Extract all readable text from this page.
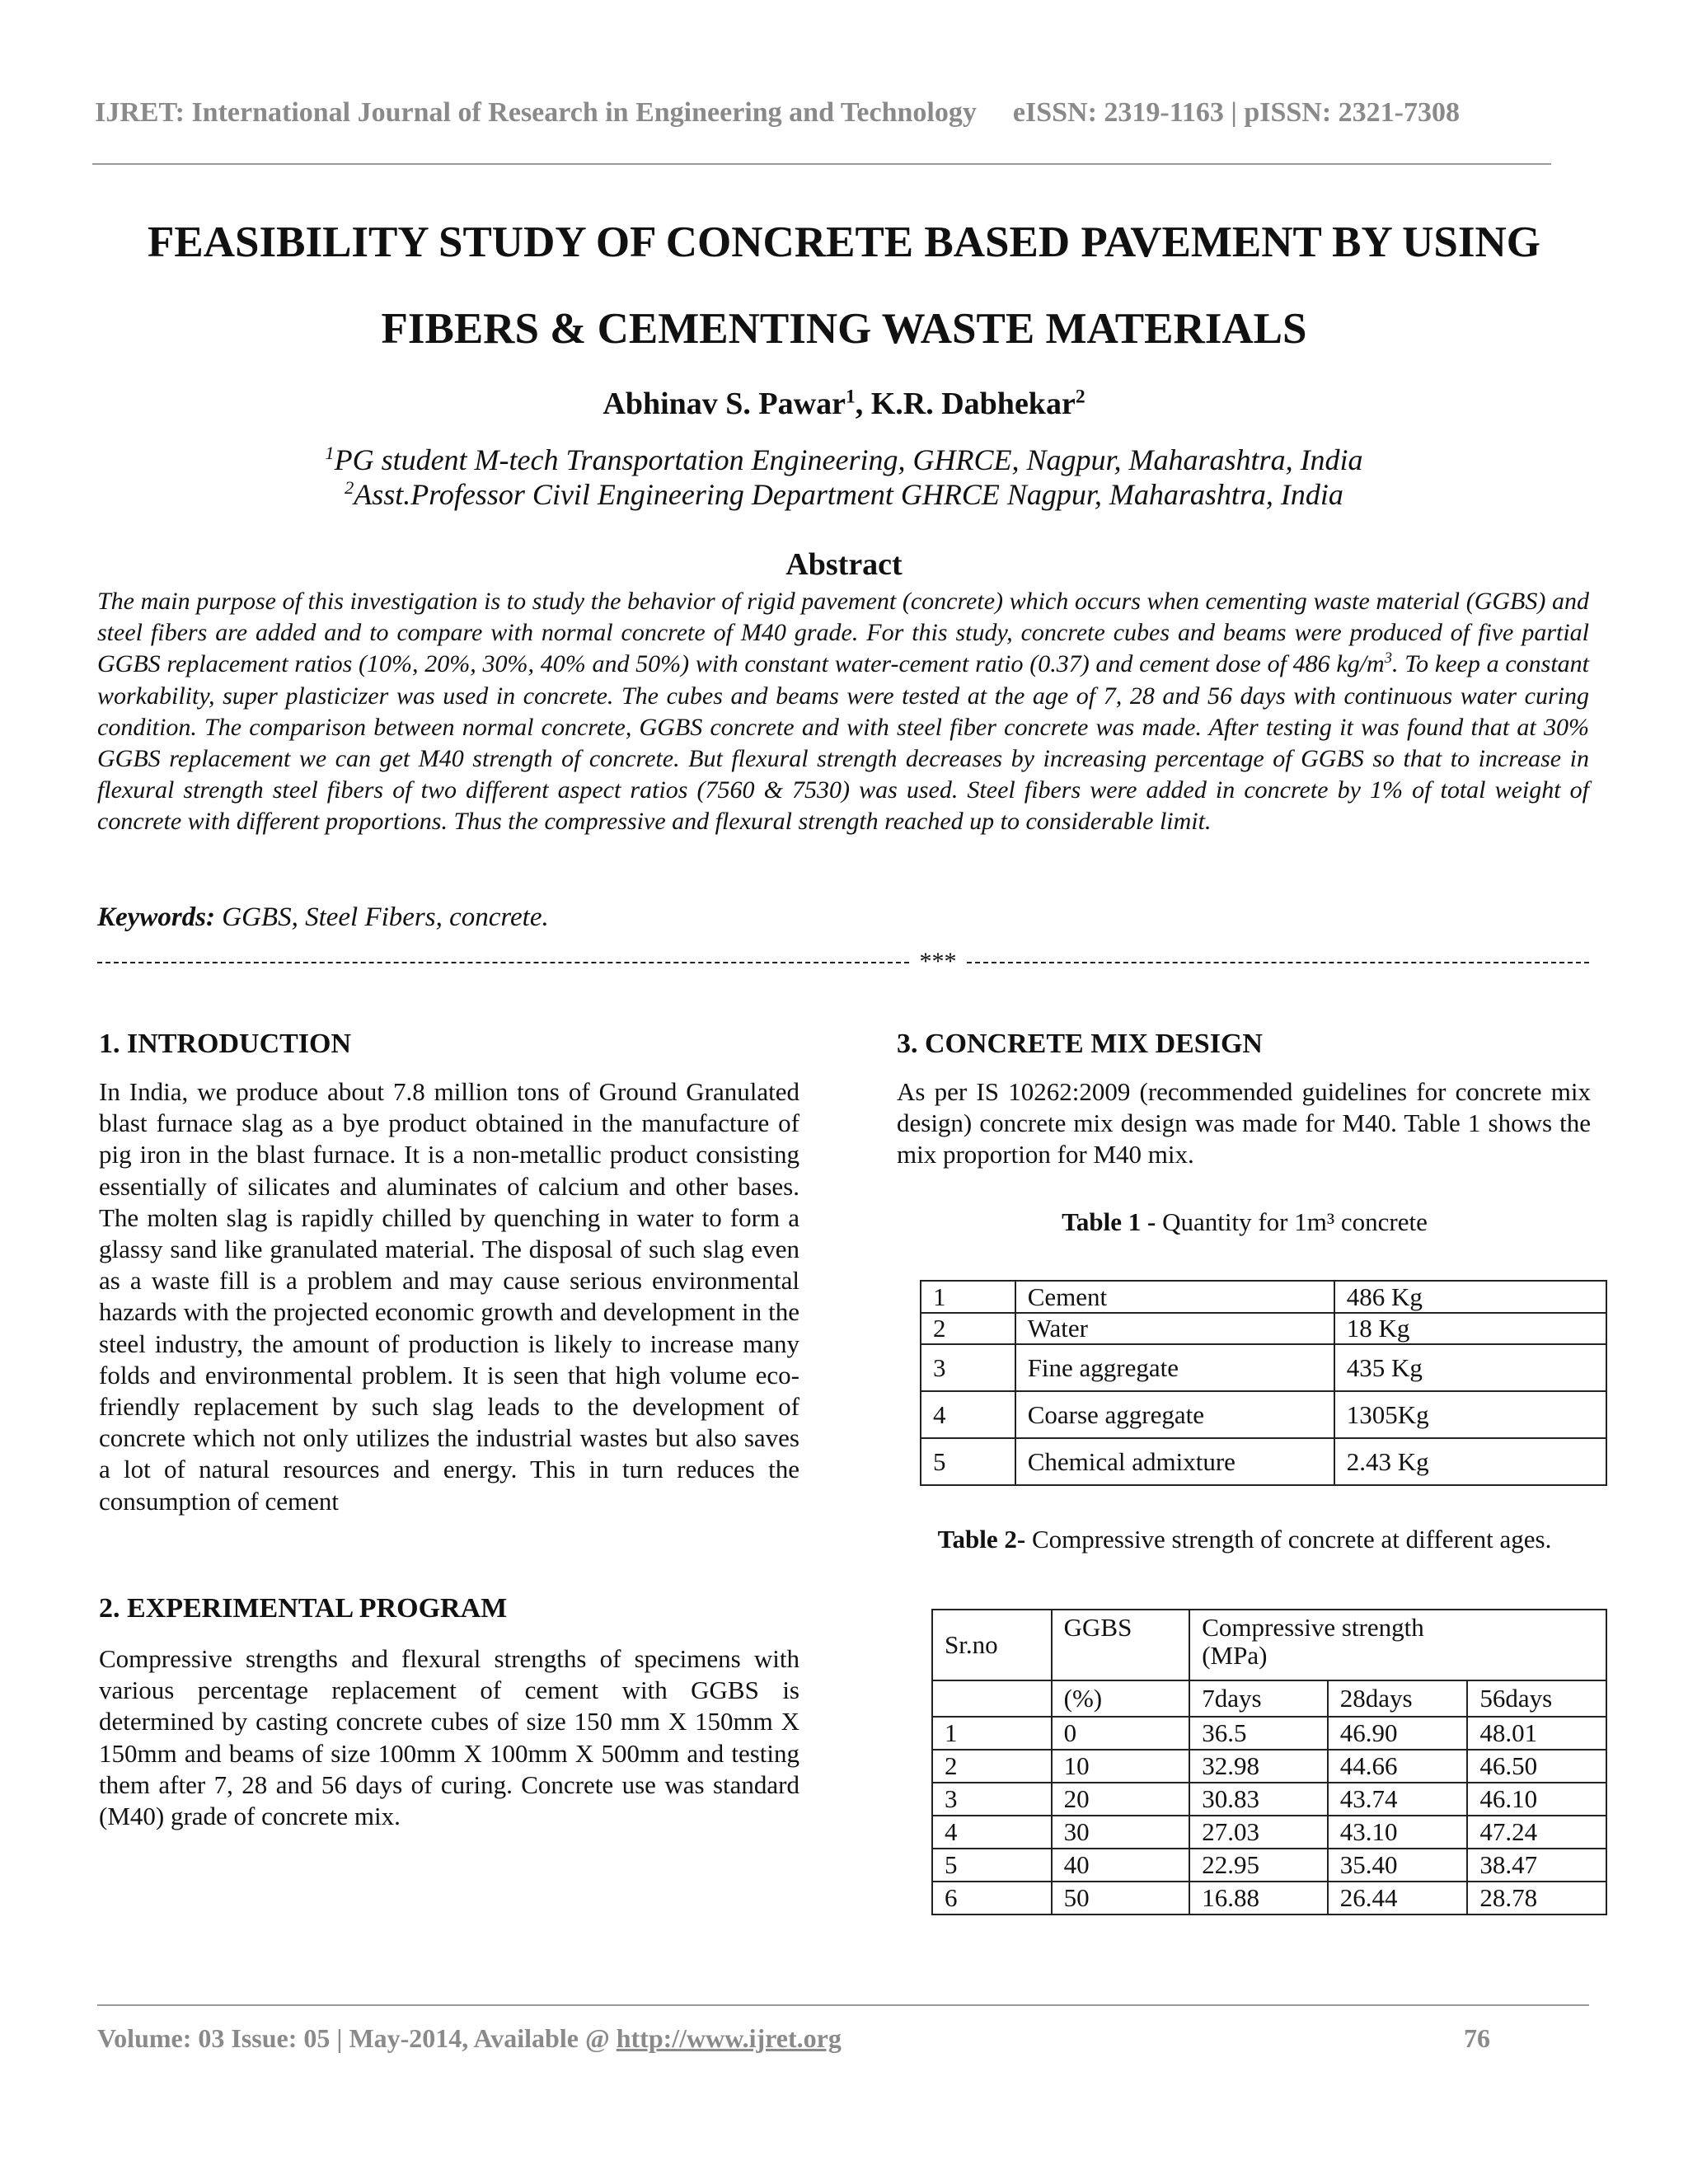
IJRET: International Journal of Research in Engineering and Technology eISSN: 2319-1163 | pISSN: 2321-7308
FEASIBILITY STUDY OF CONCRETE BASED PAVEMENT BY USING
FIBERS & CEMENTING WASTE MATERIALS
Abhinav S. Pawar$^1$, K.R. Dabhekar$^2$
$^1$PG student M-tech Transportation Engineering, GHRCE, Nagpur, Maharashtra, India
$^2$Asst.Professor Civil Engineering Department GHRCE Nagpur, Maharashtra, India
Abstract
The main purpose of this investigation is to study the behavior of rigid pavement (concrete) which occurs when cementing waste material (GGBS) and steel fibers are added and to compare with normal concrete of M40 grade. For this study, concrete cubes and beams were produced of five partial GGBS replacement ratios (10%, 20%, 30%, 40% and 50%) with constant water-cement ratio (0.37) and cement dose of 486 $kg/m^3$. To keep a constant workability, super plasticizer was used in concrete. The cubes and beams were tested at the age of 7, 28 and 56 days with continuous water curing condition. The comparison between normal concrete, GGBS concrete and with steel fiber concrete was made. After testing it was found that at 30% GGBS replacement we can get M40 strength of concrete. But flexural strength decreases by increasing percentage of GGBS so that to increase in flexural strength steel fibers of two different aspect ratios (7560 & 7530) was used. Steel fibers were added in concrete by 1% of total weight of concrete with different proportions. Thus the compressive and flexural strength reached up to considerable limit.
Keywords: GGBS, Steel Fibers, concrete.
***
1. INTRODUCTION
In India, we produce about 7.8 million tons of Ground Granulated blast furnace slag as a bye product obtained in the manufacture of pig iron in the blast furnace. It is a non-metallic product consisting essentially of silicates and aluminates of calcium and other bases. The molten slag is rapidly chilled by quenching in water to form a glassy sand like granulated material. The disposal of such slag even as a waste fill is a problem and may cause serious environmental hazards with the projected economic growth and development in the steel industry, the amount of production is likely to increase many folds and environmental problem. It is seen that high volume eco-friendly replacement by such slag leads to the development of concrete which not only utilizes the industrial wastes but also saves a lot of natural resources and energy. This in turn reduces the consumption of cement
2. EXPERIMENTAL PROGRAM
Compressive strengths and flexural strengths of specimens with various percentage replacement of cement with GGBS is determined by casting concrete cubes of size 150 mm X 150mm X 150mm and beams of size 100mm X 100mm X 500mm and testing them after 7, 28 and 56 days of curing. Concrete use was standard (M40) grade of concrete mix.
3. CONCRETE MIX DESIGN
As per IS 10262:2009 (recommended guidelines for concrete mix design) concrete mix design was made for M40. Table 1 shows the mix proportion for M40 mix.
Table 1 - Quantity for 1m³ concrete
1	Cement	486 Kg
2	Water	18 Kg
3	Fine aggregate	435 Kg
4	Coarse aggregate	1305Kg
5	Chemical admixture	2.43 Kg
Table 2- Compressive strength of concrete at different ages.
Sr.no	GGBS	Compressive strength
(MPa)		

	(%)	7days	28days	56days
1	0	36.5	46.90	48.01
2	10	32.98	44.66	46.50
3	20	30.83	43.74	46.10
4	30	27.03	43.10	47.24
5	40	22.95	35.40	38.47
6	50	16.88	26.44	28.78
Volume: 03 Issue: 05 | May-2014, Available @ http://www.ijret.org	76
